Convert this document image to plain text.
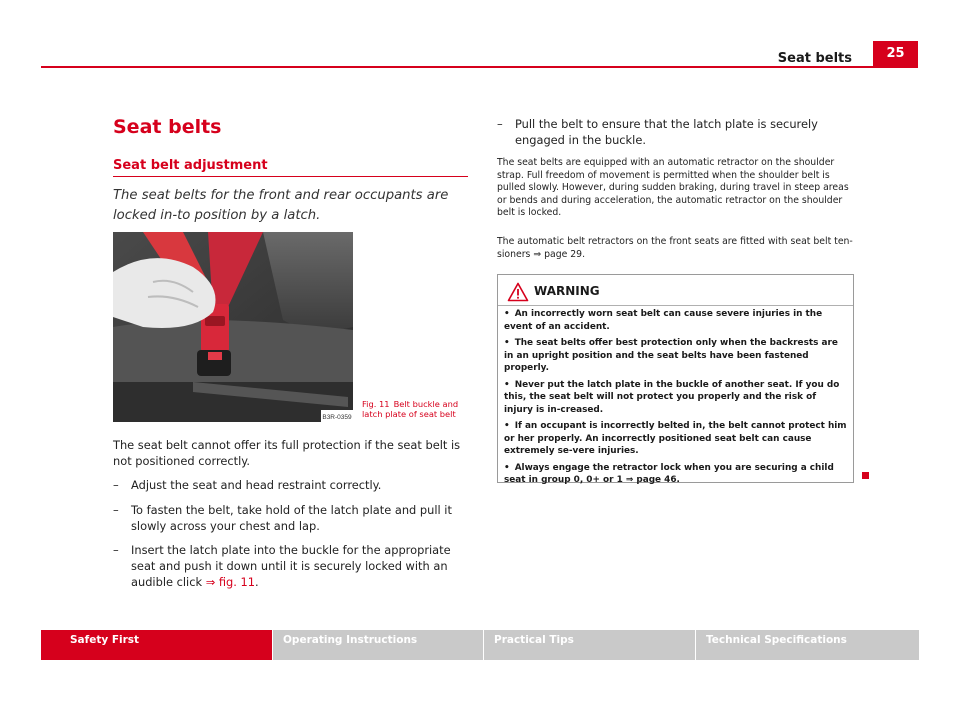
25
Seat belts
Seat belts
Seat belt adjustment

The seat belts for the front and rear occupants are locked in-to position by a latch.

B3R-0359
Fig. 11 Belt buckle and latch plate of seat belt

The seat belt cannot offer its full protection if the seat belt is not positioned correctly.

– Adjust the seat and head restraint correctly.
– To fasten the belt, take hold of the latch plate and pull it slowly across your chest and lap.
– Insert the latch plate into the buckle for the appropriate seat and push it down until it is securely locked with an audible click ⇒ fig. 11.
– Pull the belt to ensure that the latch plate is securely engaged in the buckle.

The seat belts are equipped with an automatic retractor on the shoulder strap. Full freedom of movement is permitted when the shoulder belt is pulled slowly. However, during sudden braking, during travel in steep areas or bends and during acceleration, the automatic retractor on the shoulder belt is locked.

The automatic belt retractors on the front seats are fitted with seat belt ten-sioners ⇒ page 29.

WARNING
• An incorrectly worn seat belt can cause severe injuries in the event of an accident.
• The seat belts offer best protection only when the backrests are in an upright position and the seat belts have been fastened properly.
• Never put the latch plate in the buckle of another seat. If you do this, the seat belt will not protect you properly and the risk of injury is in-creased.
• If an occupant is incorrectly belted in, the belt cannot protect him or her properly. An incorrectly positioned seat belt can cause extremely se-vere injuries.
• Always engage the retractor lock when you are securing a child seat in group 0, 0+ or 1 ⇒ page 46.
Safety First	Operating Instructions	Practical Tips	Technical Specifications
